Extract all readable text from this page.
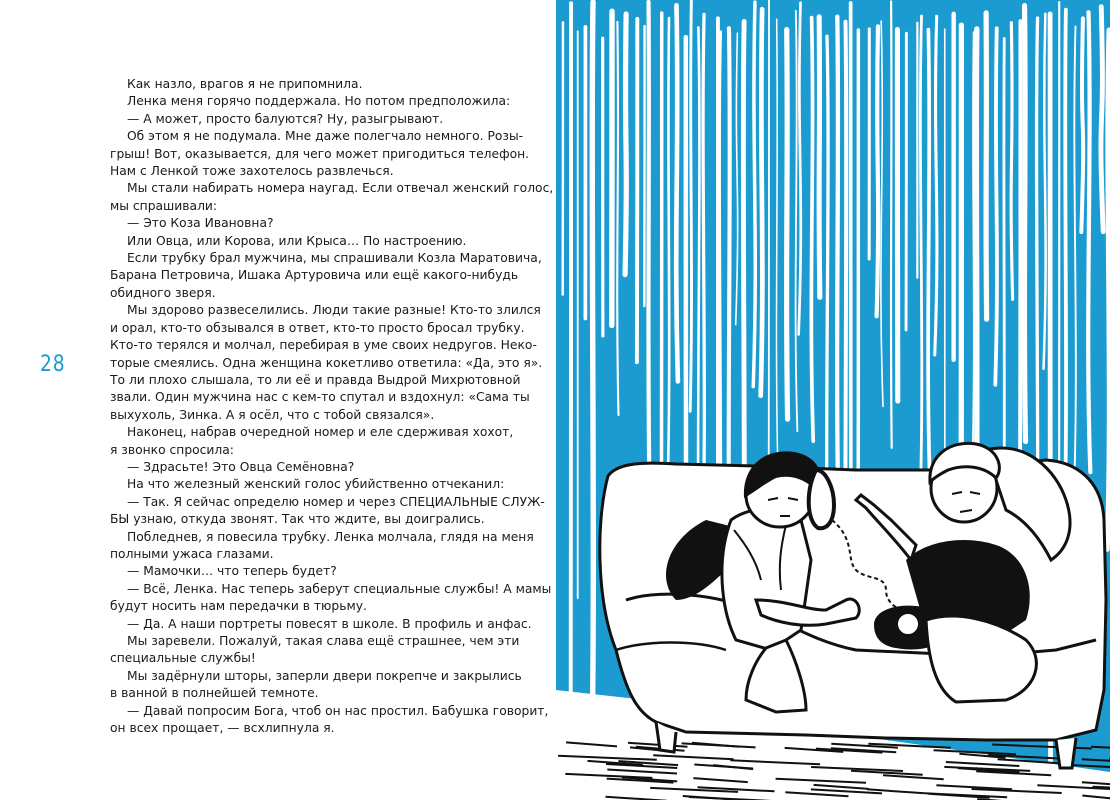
28

Как назло, врагов я не припомнила.

Ленка меня горячо поддержала. Но потом предположила:

— А может, просто балуются? Ну, разыгрывают.

Об этом я не подумала. Мне даже полегчало немного. Розы-

грыш! Вот, оказывается, для чего может пригодиться телефон.

Нам с Ленкой тоже захотелось развлечься.

Мы стали набирать номера наугад. Если отвечал женский голос,

мы спрашивали:

— Это Коза Ивановна?

Или Овца, или Корова, или Крыса… По настроению.

Если трубку брал мужчина, мы спрашивали Козла Маратовича,

Барана Петровича, Ишака Артуровича или ещё какого-нибудь

обидного зверя.

Мы здорово развеселились. Люди такие разные! Кто-то злился

и орал, кто-то обзывался в ответ, кто-то просто бросал трубку.

Кто-то терялся и молчал, перебирая в уме своих недругов. Неко-

торые смеялись. Одна женщина кокетливо ответила: «Да, это я».

То ли плохо слышала, то ли её и правда Выдрой Михрютовной

звали. Один мужчина нас с кем-то спутал и вздохнул: «Сама ты

выхухоль, Зинка. А я осёл, что с тобой связался».

Наконец, набрав очередной номер и еле сдерживая хохот,

я звонко спросила:

— Здрасьте! Это Овца Семёновна?

На что железный женский голос убийственно отчеканил:

— Так. Я сейчас определю номер и через СПЕЦИАЛЬНЫЕ СЛУЖ-

БЫ узнаю, откуда звонят. Так что ждите, вы доигрались.

Побледнев, я повесила трубку. Ленка молчала, глядя на меня

полными ужаса глазами.

— Мамочки… что теперь будет?

— Всё, Ленка. Нас теперь заберут специальные службы! А мамы

будут носить нам передачки в тюрьму.

— Да. А наши портреты повесят в школе. В профиль и анфас.

Мы заревели. Пожалуй, такая слава ещё страшнее, чем эти

специальные службы!

Мы задёрнули шторы, заперли двери покрепче и закрылись

в ванной в полнейшей темноте.

— Давай попросим Бога, чтоб он нас простил. Бабушка говорит,

он всех прощает, — всхлипнула я.
